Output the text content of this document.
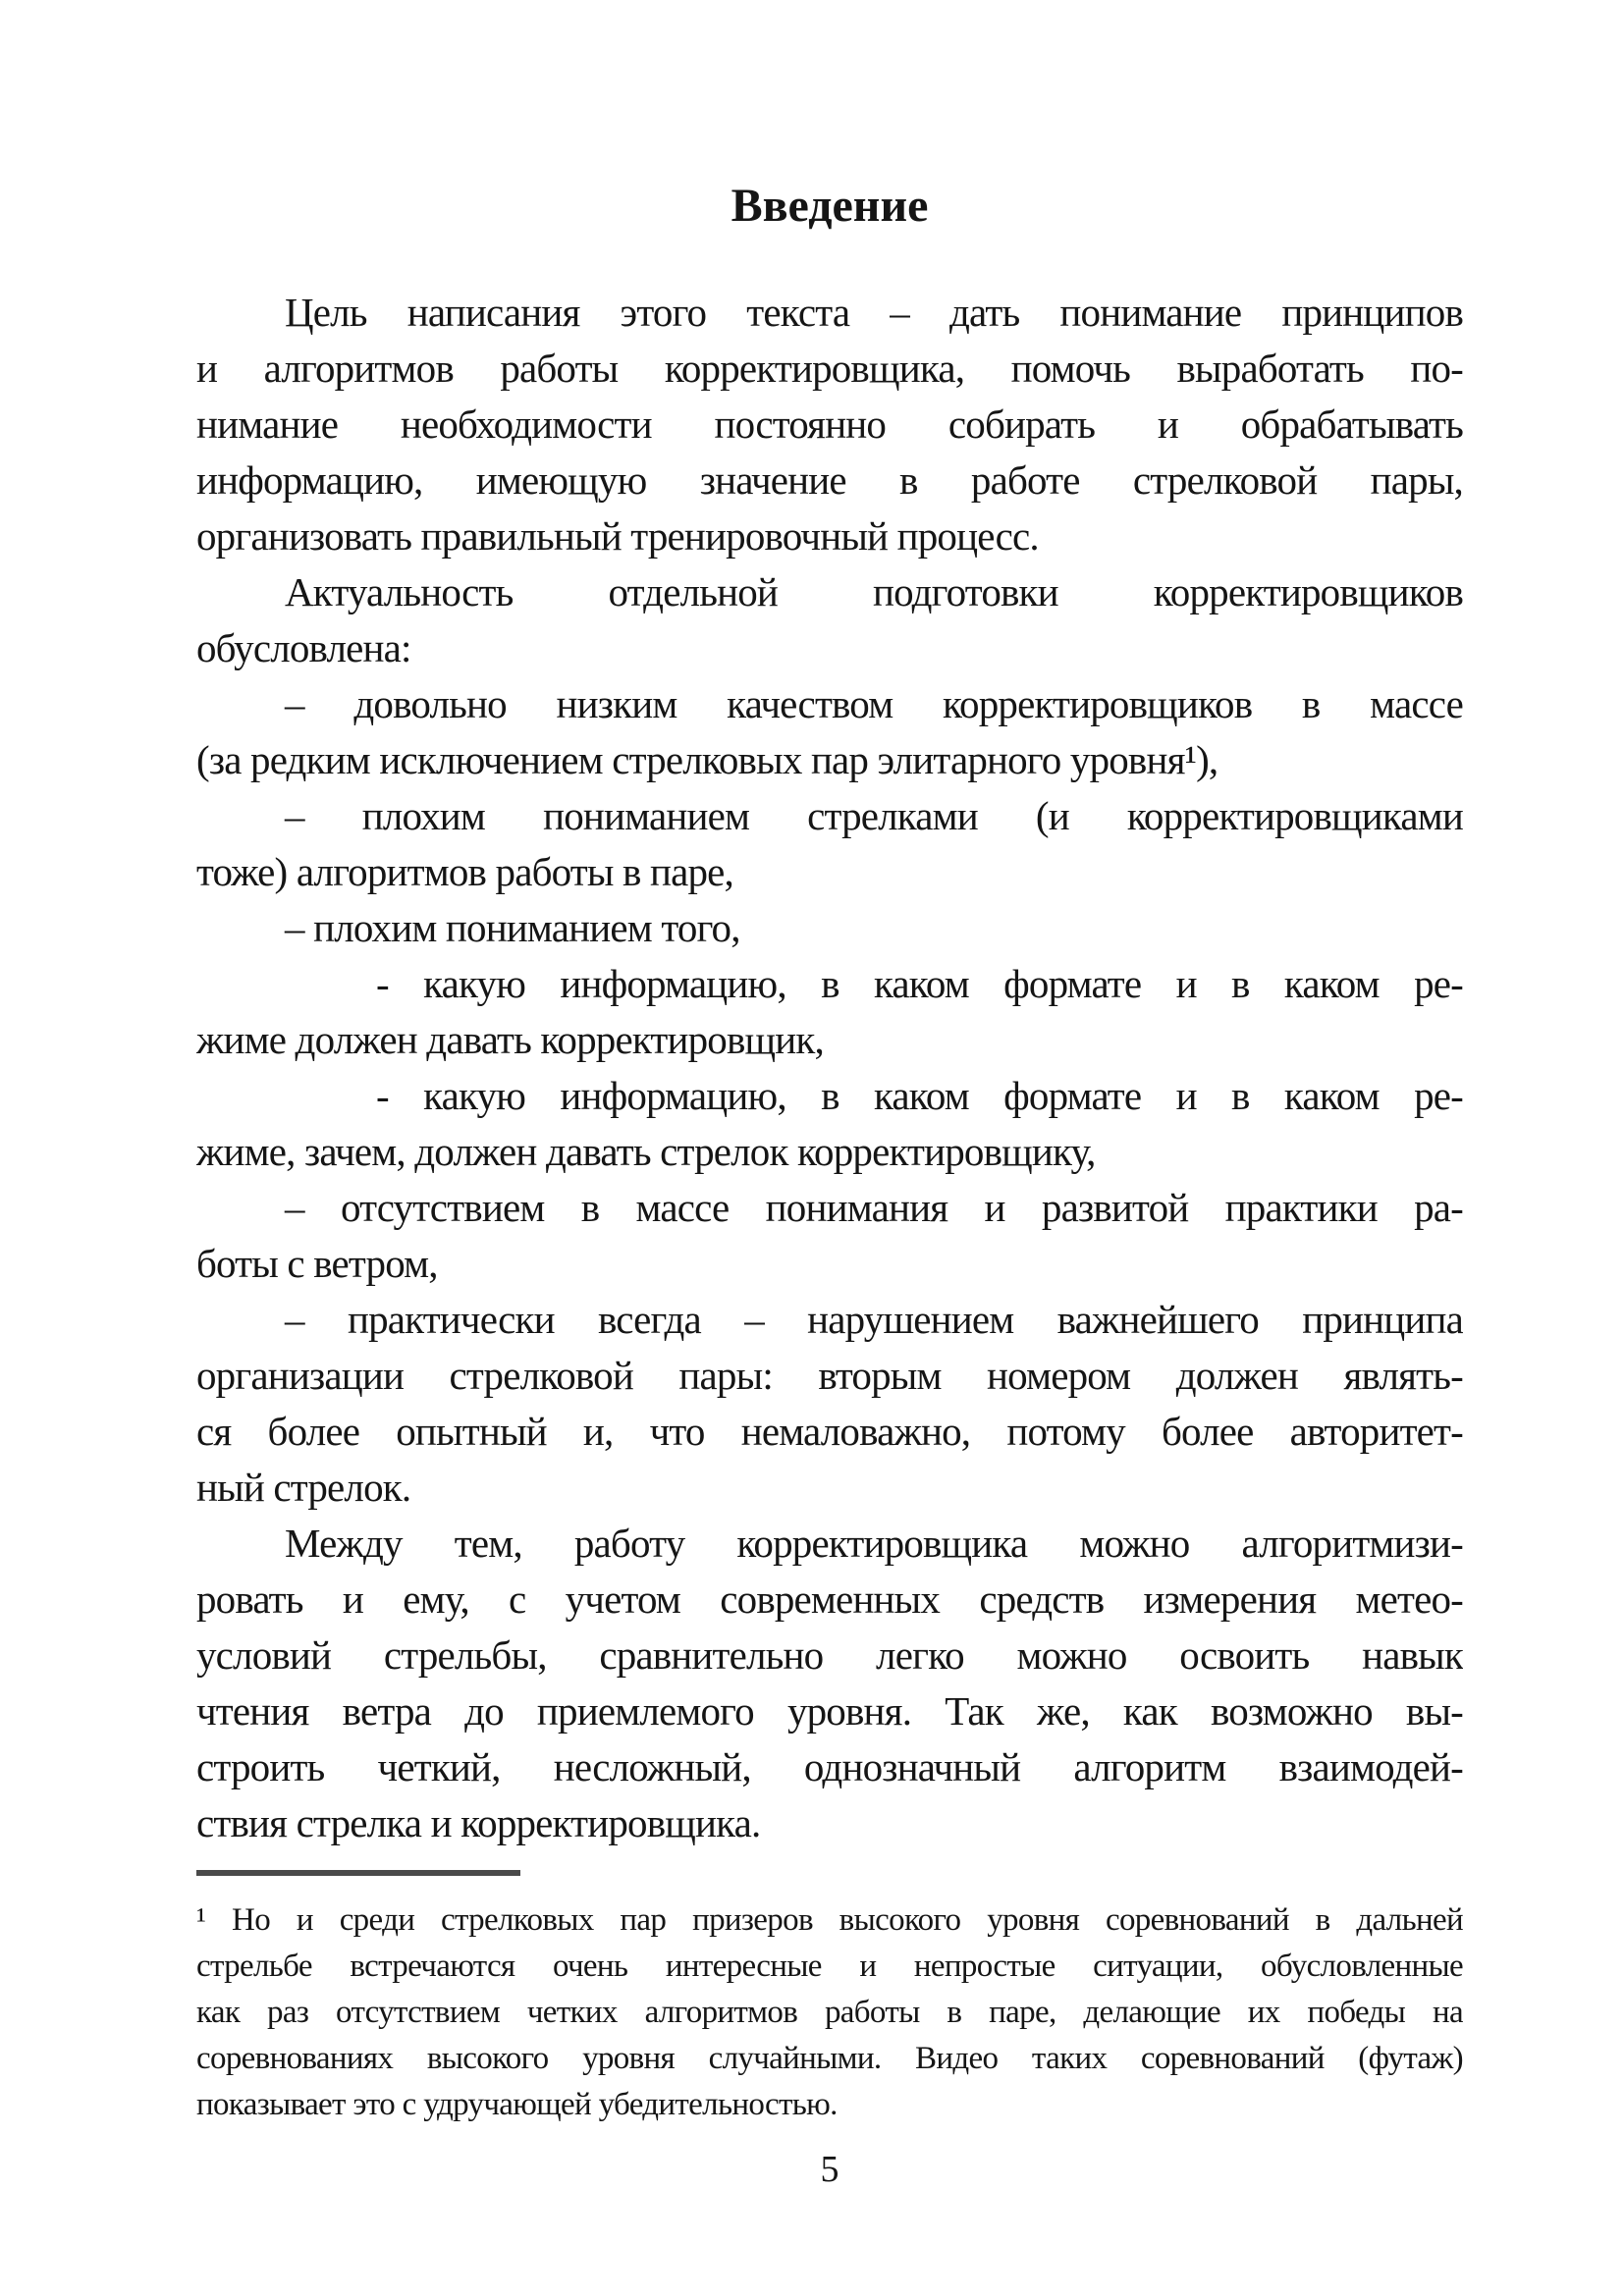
Введение
Цель написания этого текста – дать понимание принципов
и алгоритмов работы корректировщика, помочь выработать по-
нимание необходимости постоянно собирать и обрабатывать
информацию, имеющую значение в работе стрелковой пары,
организовать правильный тренировочный процесс.
Актуальность отдельной подготовки корректировщиков
обусловлена:
– довольно низким качеством корректировщиков в массе
(за редким исключением стрелковых пар элитарного уровня¹),
– плохим пониманием стрелками (и корректировщиками
тоже) алгоритмов работы в паре,
– плохим пониманием того,
- какую информацию, в каком формате и в каком ре-
жиме должен давать корректировщик,
- какую информацию, в каком формате и в каком ре-
жиме, зачем, должен давать стрелок корректировщику,
– отсутствием в массе понимания и развитой практики ра-
боты с ветром,
– практически всегда – нарушением важнейшего принципа
организации стрелковой пары: вторым номером должен являть-
ся более опытный и, что немаловажно, потому более авторитет-
ный стрелок.
Между тем, работу корректировщика можно алгоритмизи-
ровать и ему, с учетом современных средств измерения метео-
условий стрельбы, сравнительно легко можно освоить навык
чтения ветра до приемлемого уровня. Так же, как возможно вы-
строить четкий, несложный, однозначный алгоритм взаимодей-
ствия стрелка и корректировщика.
¹ Но и среди стрелковых пар призеров высокого уровня соревнований в дальней
стрельбе встречаются очень интересные и непростые ситуации, обусловленные
как раз отсутствием четких алгоритмов работы в паре, делающие их победы на
соревнованиях высокого уровня случайными. Видео таких соревнований (футаж)
показывает это с удручающей убедительностью.
5
